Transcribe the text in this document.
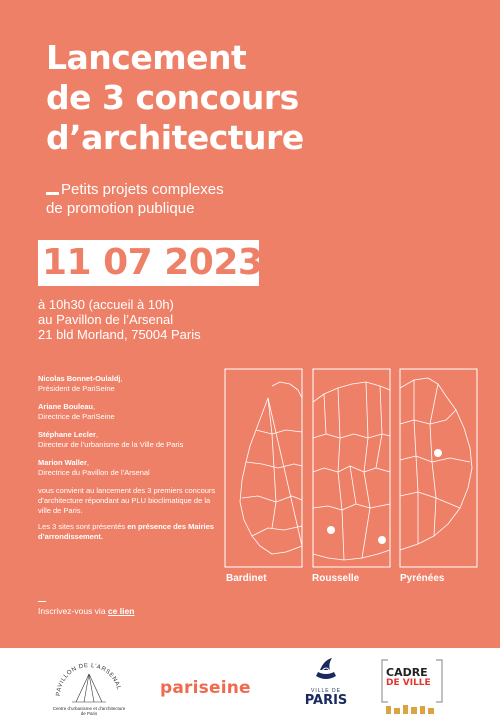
Lancement
de 3 concours
d’architecture
Petits projets complexes
de promotion publique
11 07 2023
à 10h30 (accueil à 10h)
au Pavillon de l’Arsenal
21 bld Morland, 75004 Paris
Nicolas Bonnet-Oulaldj,
Président de PariSeine
Ariane Bouleau,
Directrice de PariSeine
Stéphane Lecler,
Directeur de l’urbanisme de la Ville de Paris
Marion Waller,
Directrice du Pavillon de l’Arsenal
vous convient au lancement des 3 premiers concours d’architecture répondant au PLU bioclimatique de la ville de Paris.
Les 3 sites sont présentés en présence des Mairies d’arrondissement.
Inscrivez-vous via ce lien
Bardinet	Rousselle	Pyrénées
PAVILLON DE L’ARSENAL
Centre d’urbanisme et d’architecture de Paris
pariseine	VILLE DE
PARIS
CADRE
DE VILLE
